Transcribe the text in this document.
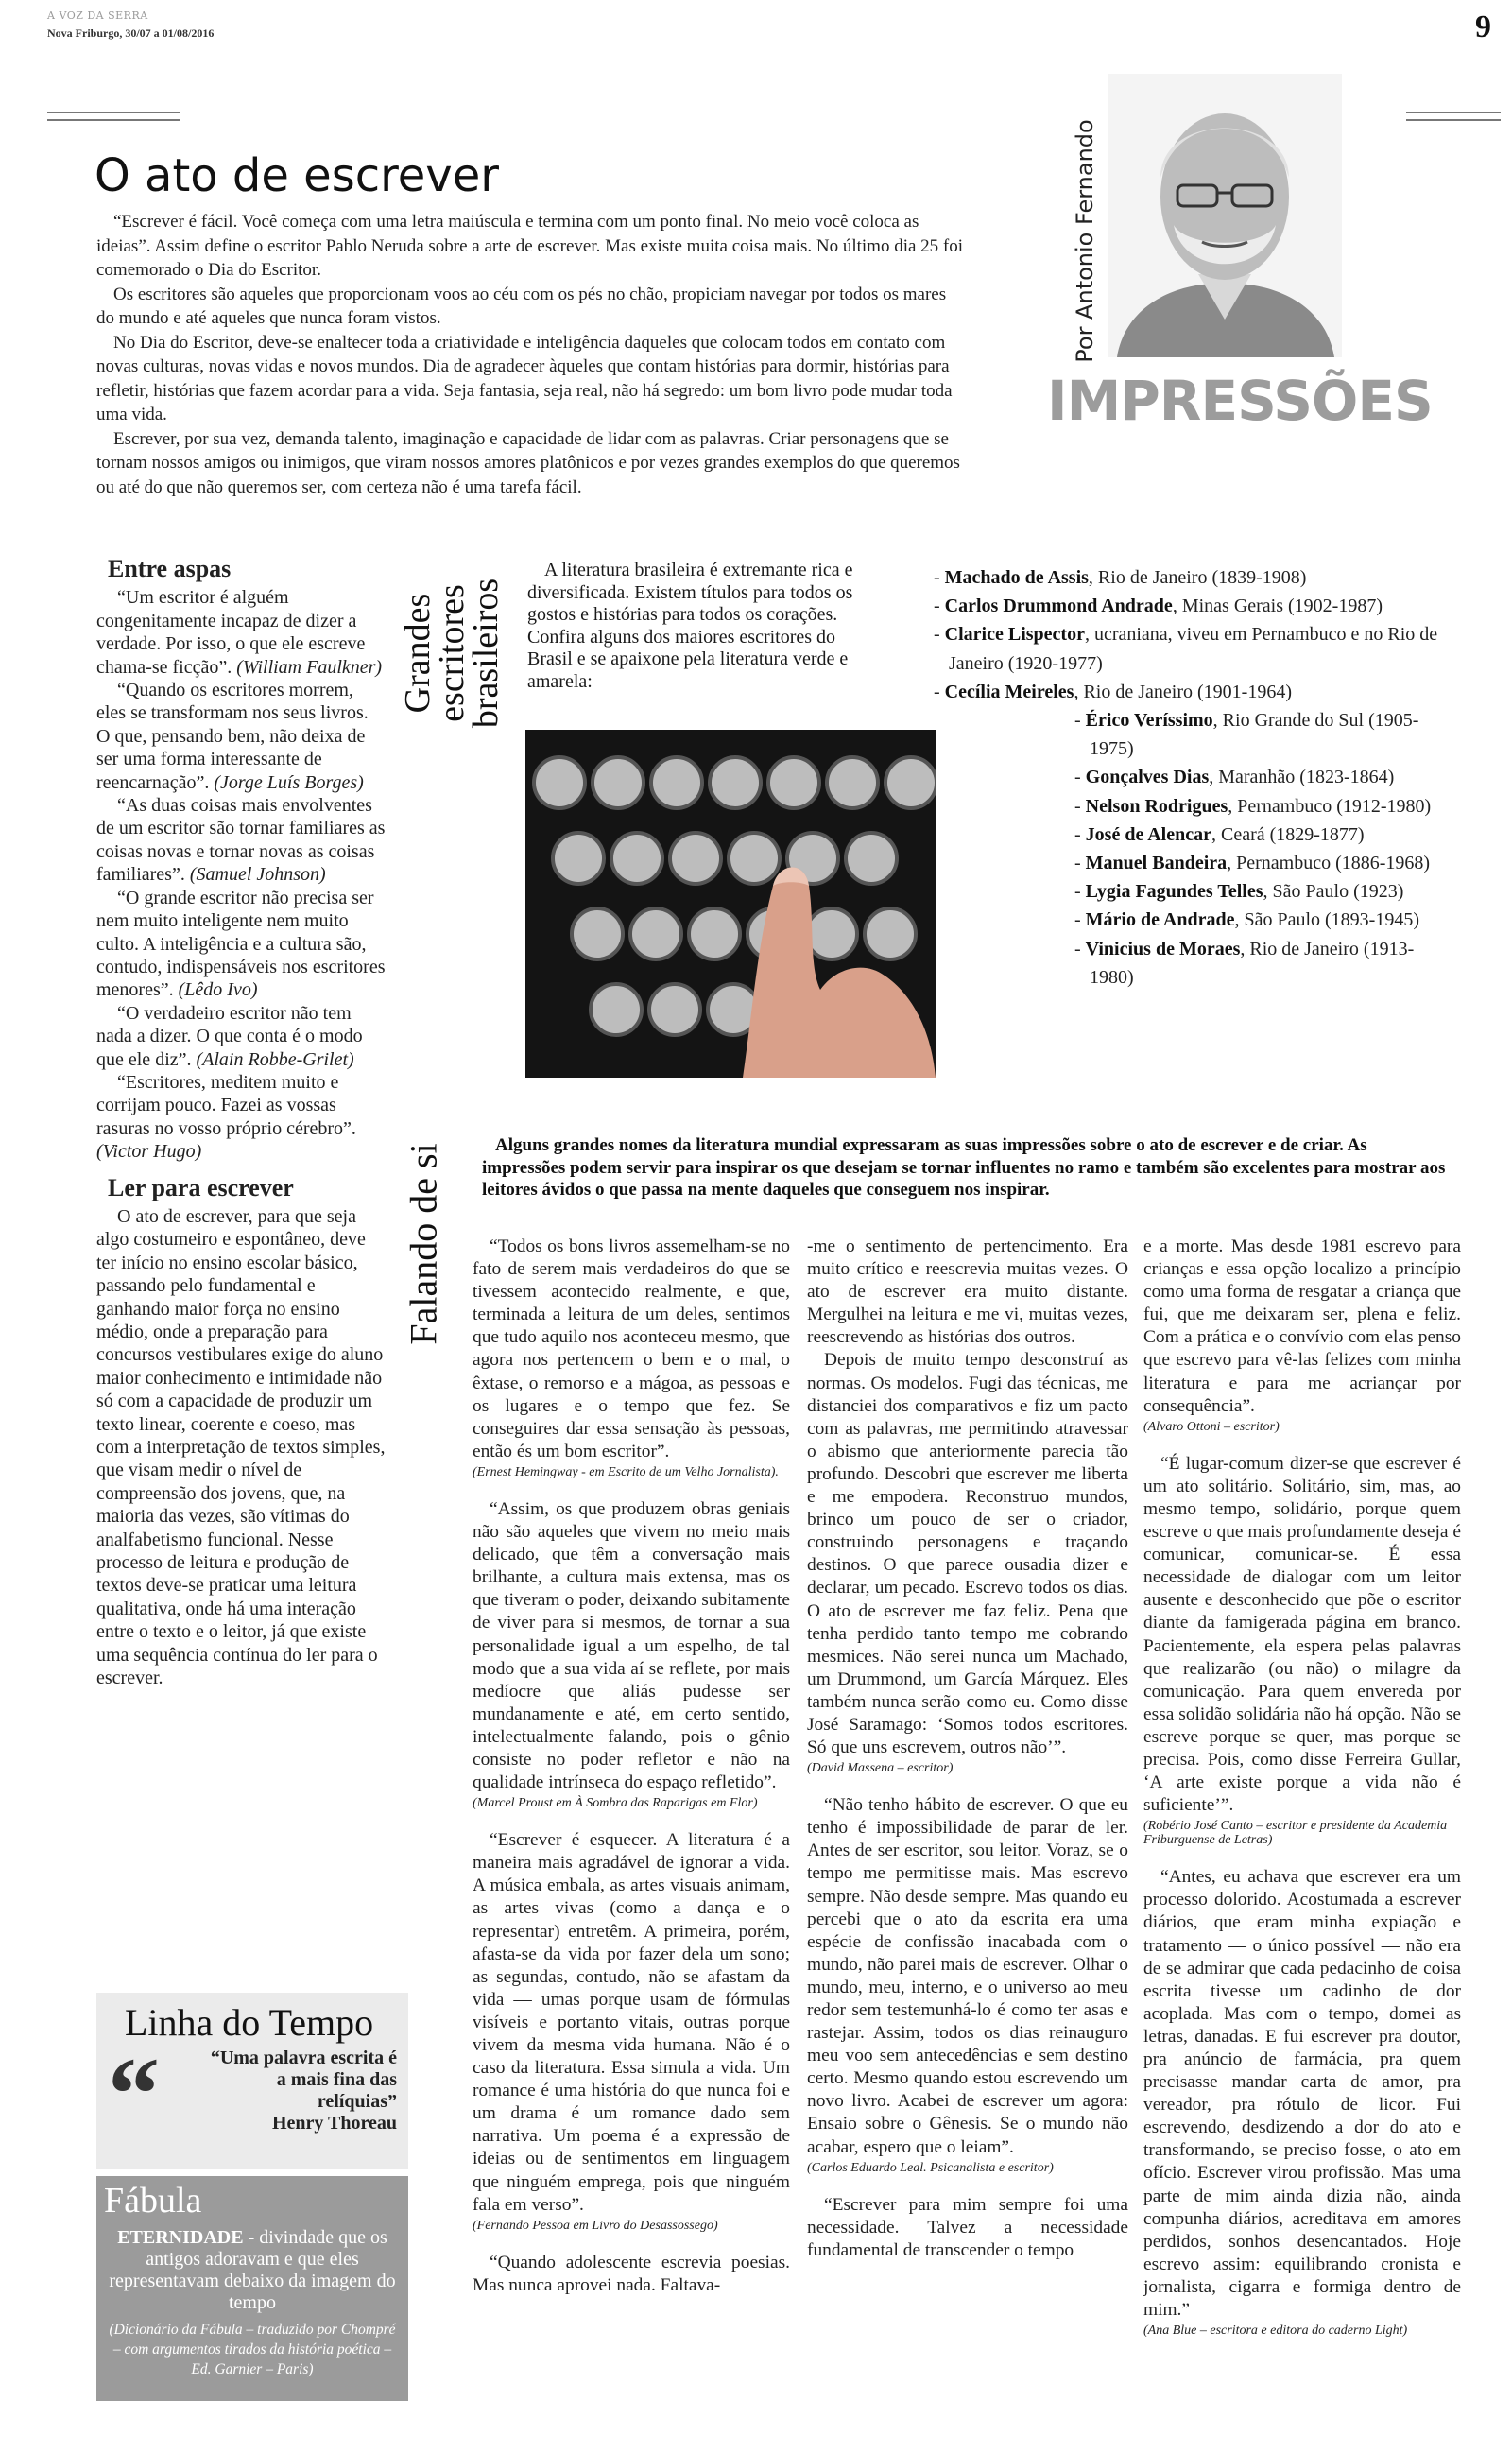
A VOZ DA SERRA
Nova Friburgo, 30/07 a 01/08/2016	9
O ato de escrever

“Escrever é fácil. Você começa com uma letra maiúscula e termina com um ponto final. No meio você coloca as ideias”. Assim define o escritor Pablo Neruda sobre a arte de escrever. Mas existe muita coisa mais. No último dia 25 foi comemorado o Dia do Escritor.

Os escritores são aqueles que proporcionam voos ao céu com os pés no chão, propiciam navegar por todos os mares do mundo e até aqueles que nunca foram vistos.

No Dia do Escritor, deve-se enaltecer toda a criatividade e inteligência daqueles que colocam todos em contato com novas culturas, novas vidas e novos mundos. Dia de agradecer àqueles que contam histórias para dormir, histórias para refletir, histórias que fazem acordar para a vida. Seja fantasia, seja real, não há segredo: um bom livro pode mudar toda uma vida.

Escrever, por sua vez, demanda talento, imaginação e capacidade de lidar com as palavras. Criar personagens que se tornam nossos amigos ou inimigos, que viram nossos amores platônicos e por vezes grandes exemplos do que queremos ou até do que não queremos ser, com certeza não é uma tarefa fácil.

Por Antonio Fernando
IMPRESSÕES
Entre aspas

“Um escritor é alguém congenitamente incapaz de dizer a verdade. Por isso, o que ele escreve chama-se ficção”. (William Faulkner)

“Quando os escritores morrem, eles se transformam nos seus livros. O que, pensando bem, não deixa de ser uma forma interessante de reencarnação”. (Jorge Luís Borges)

“As duas coisas mais envolventes de um escritor são tornar familiares as coisas novas e tornar novas as coisas familiares”. (Samuel Johnson)

“O grande escritor não precisa ser nem muito inteligente nem muito culto. A inteligência e a cultura são, contudo, indispensáveis nos escritores menores”. (Lêdo Ivo)

“O verdadeiro escritor não tem nada a dizer. O que conta é o modo que ele diz”. (Alain Robbe-Grilet)

“Escritores, meditem muito e corrijam pouco. Fazei as vossas rasuras no vosso próprio cérebro”. (Victor Hugo)

Ler para escrever

O ato de escrever, para que seja algo costumeiro e espontâneo, deve ter início no ensino escolar básico, passando pelo fundamental e ganhando maior força no ensino médio, onde a preparação para concursos vestibulares exige do aluno maior conhecimento e intimidade não só com a capacidade de produzir um texto linear, coerente e coeso, mas com a interpretação de textos simples, que visam medir o nível de compreensão dos jovens, que, na maioria das vezes, são vítimas do analfabetismo funcional. Nesse processo de leitura e produção de textos deve-se praticar uma leitura qualitativa, onde há uma interação entre o texto e o leitor, já que existe uma sequência contínua do ler para o escrever.

Grandes escritores brasileiros
Falando de si

A literatura brasileira é extremante rica e diversificada. Existem títulos para todos os gostos e histórias para todos os corações. Confira alguns dos maiores escritores do Brasil e se apaixone pela literatura verde e amarela:

- Machado de Assis, Rio de Janeiro (1839-1908)
- Carlos Drummond Andrade, Minas Gerais (1902-1987)
- Clarice Lispector, ucraniana, viveu em Pernambuco e no Rio de Janeiro (1920-1977)
- Cecília Meireles, Rio de Janeiro (1901-1964)
- Érico Veríssimo, Rio Grande do Sul (1905-1975)
- Gonçalves Dias, Maranhão (1823-1864)
- Nelson Rodrigues, Pernambuco (1912-1980)
- José de Alencar, Ceará (1829-1877)
- Manuel Bandeira, Pernambuco (1886-1968)
- Lygia Fagundes Telles, São Paulo (1923)
- Mário de Andrade, São Paulo (1893-1945)
- Vinicius de Moraes, Rio de Janeiro (1913-1980)
Alguns grandes nomes da literatura mundial expressaram as suas impressões sobre o ato de escrever e de criar. As impressões podem servir para inspirar os que desejam se tornar influentes no ramo e também são excelentes para mostrar aos leitores ávidos o que passa na mente daqueles que conseguem nos inspirar.

“Todos os bons livros assemelham-se no fato de serem mais verdadeiros do que se tivessem acontecido realmente, e que, terminada a leitura de um deles, sentimos que tudo aquilo nos aconteceu mesmo, que agora nos pertencem o bem e o mal, o êxtase, o remorso e a mágoa, as pessoas e os lugares e o tempo que fez. Se conseguires dar essa sensação às pessoas, então és um bom escritor”.

(Ernest Hemingway - em Escrito de um Velho Jornalista).

“Assim, os que produzem obras geniais não são aqueles que vivem no meio mais delicado, que têm a conversação mais brilhante, a cultura mais extensa, mas os que tiveram o poder, deixando subitamente de viver para si mesmos, de tornar a sua personalidade igual a um espelho, de tal modo que a sua vida aí se reflete, por mais medíocre que aliás pudesse ser mundanamente e até, em certo sentido, intelectualmente falando, pois o gênio consiste no poder refletor e não na qualidade intrínseca do espaço refletido”.

(Marcel Proust em À Sombra das Raparigas em Flor)

“Escrever é esquecer. A literatura é a maneira mais agradável de ignorar a vida. A música embala, as artes visuais animam, as artes vivas (como a dança e o representar) entretêm. A primeira, porém, afasta-se da vida por fazer dela um sono; as segundas, contudo, não se afastam da vida — umas porque usam de fórmulas visíveis e portanto vitais, outras porque vivem da mesma vida humana. Não é o caso da literatura. Essa simula a vida. Um romance é uma história do que nunca foi e um drama é um romance dado sem narrativa. Um poema é a expressão de ideias ou de sentimentos em linguagem que ninguém emprega, pois que ninguém fala em verso”.

(Fernando Pessoa em Livro do Desassossego)

“Quando adolescente escrevia poesias. Mas nunca aprovei nada. Faltava-

-me o sentimento de pertencimento. Era muito crítico e reescrevia muitas vezes. O ato de escrever era muito distante. Mergulhei na leitura e me vi, muitas vezes, reescrevendo as histórias dos outros.

Depois de muito tempo desconstruí as normas. Os modelos. Fugi das técnicas, me distanciei dos comparativos e fiz um pacto com as palavras, me permitindo atravessar o abismo que anteriormente parecia tão profundo. Descobri que escrever me liberta e me empodera. Reconstruo mundos, brinco um pouco de ser o criador, construindo personagens e traçando destinos. O que parece ousadia dizer e declarar, um pecado. Escrevo todos os dias. O ato de escrever me faz feliz. Pena que tenha perdido tanto tempo me cobrando mesmices. Não serei nunca um Machado, um Drummond, um García Márquez. Eles também nunca serão como eu. Como disse José Saramago: ‘Somos todos escritores. Só que uns escrevem, outros não’”.

(David Massena – escritor)

“Não tenho hábito de escrever. O que eu tenho é impossibilidade de parar de ler. Antes de ser escritor, sou leitor. Voraz, se o tempo me permitisse mais. Mas escrevo sempre. Não desde sempre. Mas quando eu percebi que o ato da escrita era uma espécie de confissão inacabada com o mundo, não parei mais de escrever. Olhar o mundo, meu, interno, e o universo ao meu redor sem testemunhá-lo é como ter asas e rastejar. Assim, todos os dias reinauguro meu voo sem antecedências e sem destino certo. Mesmo quando estou escrevendo um novo livro. Acabei de escrever um agora: Ensaio sobre o Gênesis. Se o mundo não acabar, espero que o leiam”.

(Carlos Eduardo Leal. Psicanalista e escritor)

“Escrever para mim sempre foi uma necessidade. Talvez a necessidade fundamental de transcender o tempo

e a morte. Mas desde 1981 escrevo para crianças e essa opção localizo a princípio como uma forma de resgatar a criança que fui, que me deixaram ser, plena e feliz. Com a prática e o convívio com elas penso que escrevo para vê-las felizes com minha literatura e para me acriançar por consequência”.

(Alvaro Ottoni – escritor)

“É lugar-comum dizer-se que escrever é um ato solitário. Solitário, sim, mas, ao mesmo tempo, solidário, porque quem escreve o que mais profundamente deseja é comunicar, comunicar-se. É essa necessidade de dialogar com um leitor ausente e desconhecido que põe o escritor diante da famigerada página em branco. Pacientemente, ela espera pelas palavras que realizarão (ou não) o milagre da comunicação. Para quem envereda por essa solidão solidária não há opção. Não se escreve porque se quer, mas porque se precisa. Pois, como disse Ferreira Gullar, ‘A arte existe porque a vida não é suficiente’”.

(Robério José Canto – escritor e presidente da Academia Friburguense de Letras)

“Antes, eu achava que escrever era um processo dolorido. Acostumada a escrever diários, que eram minha expiação e tratamento — o único possível — não era de se admirar que cada pedacinho de coisa escrita tivesse um cadinho de dor acoplada. Mas com o tempo, domei as letras, danadas. E fui escrever pra doutor, pra anúncio de farmácia, pra quem precisasse mandar carta de amor, pra vereador, pra rótulo de licor. Fui escrevendo, desdizendo a dor do ato e transformando, se preciso fosse, o ato em ofício. Escrever virou profissão. Mas uma parte de mim ainda dizia não, ainda compunha diários, acreditava em amores perdidos, sonhos desencantados. Hoje escrevo assim: equilibrando cronista e jornalista, cigarra e formiga dentro de mim.”

(Ana Blue – escritora e editora do caderno Light)

Linha do Tempo
“	“Uma palavra escrita é a mais fina das relíquias”
Henry Thoreau
Fábula
ETERNIDADE - divindade que os antigos adoravam e que eles representavam debaixo da imagem do tempo
(Dicionário da Fábula – traduzido por Chompré – com argumentos tirados da história poética – Ed. Garnier – Paris)
